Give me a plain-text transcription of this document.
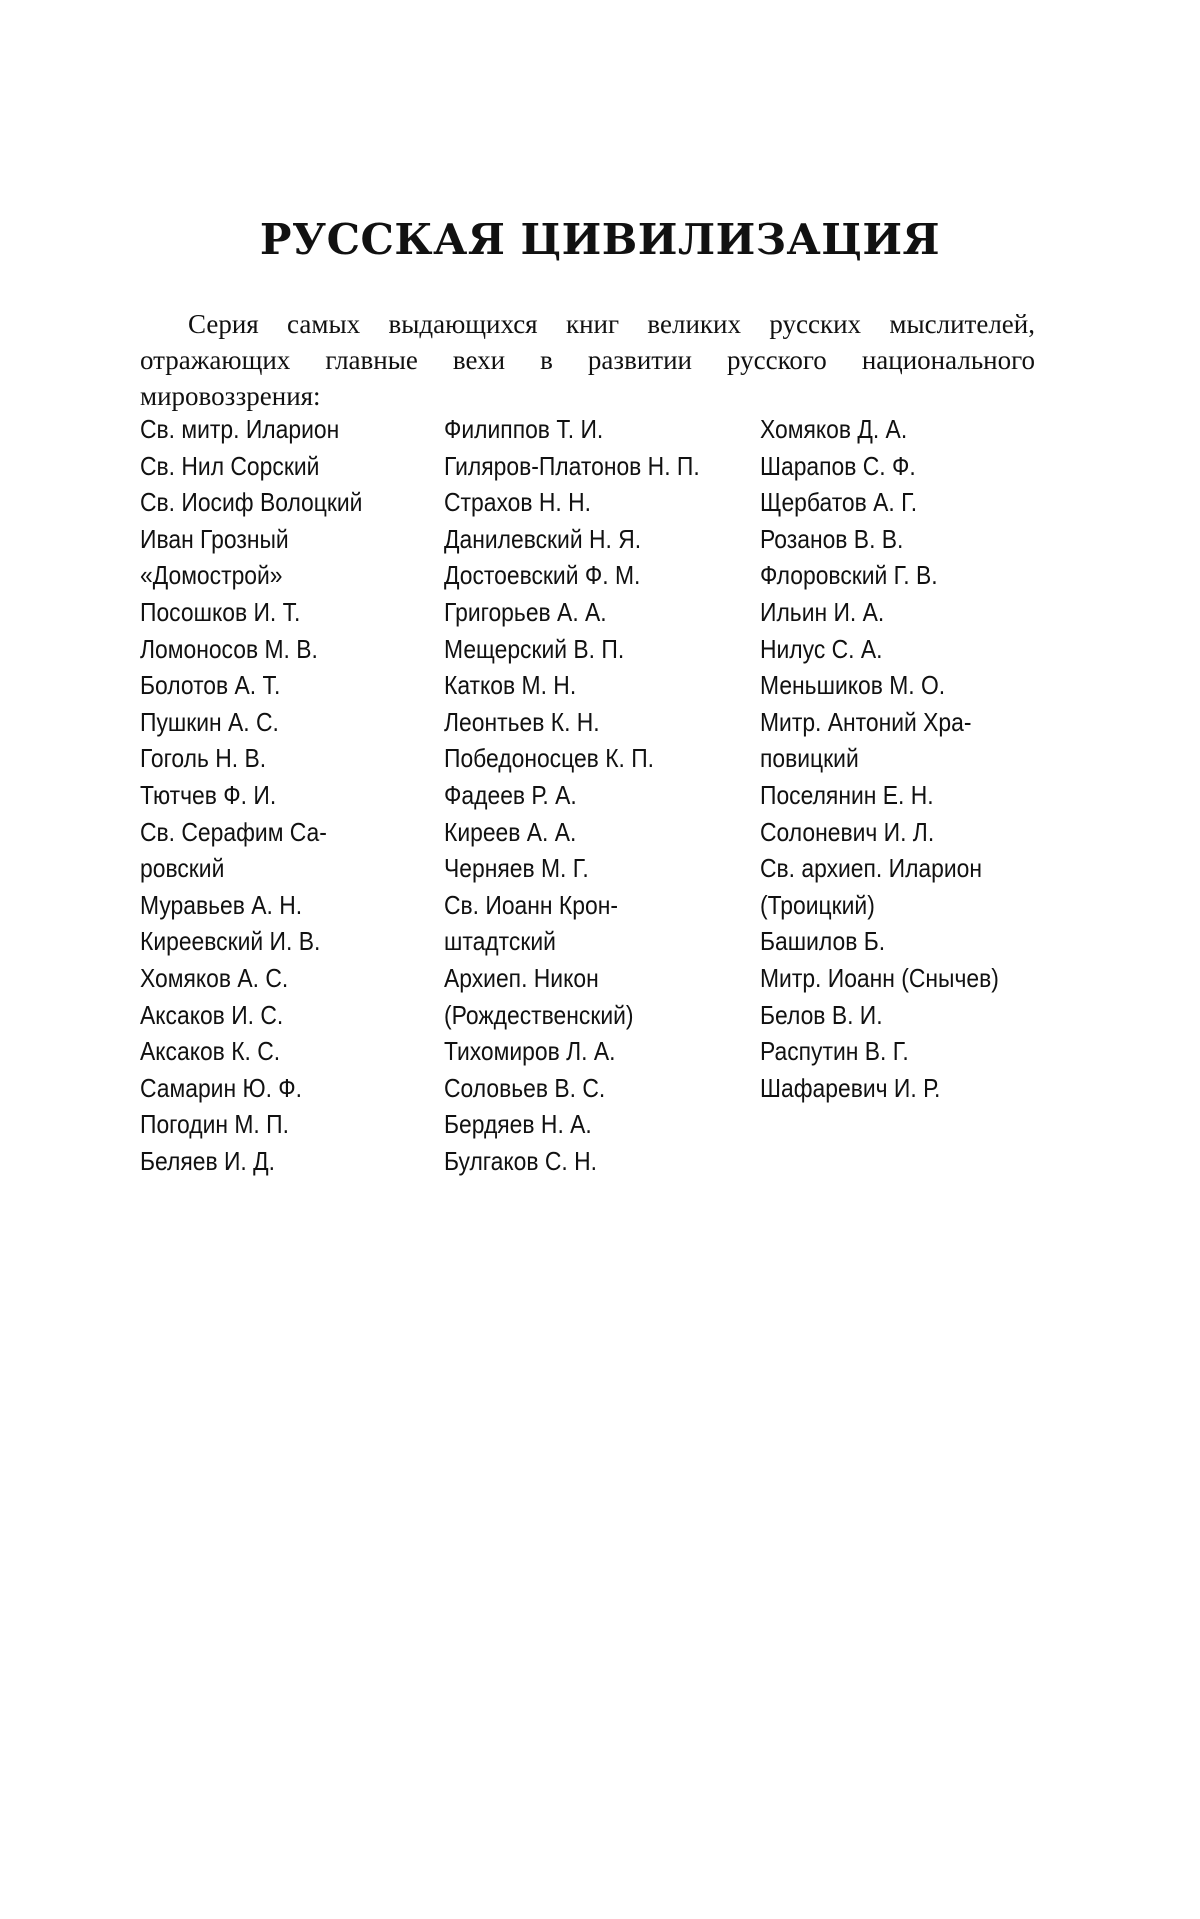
РУССКАЯ ЦИВИЛИЗАЦИЯ

Серия самых выдающихся книг великих русских мыслителей, отражающих главные вехи в развитии русского национального мировоззрения:

Св. митр. Иларион
Св. Нил Сорский
Св. Иосиф Волоцкий
Иван Грозный
«Домострой»
Посошков И. Т.
Ломоносов М. В.
Болотов А. Т.
Пушкин А. С.
Гоголь Н. В.
Тютчев Ф. И.
Св. Серафим Са-
ровский
Муравьев А. Н.
Киреевский И. В.
Хомяков А. С.
Аксаков И. С.
Аксаков К. С.
Самарин Ю. Ф.
Погодин М. П.
Беляев И. Д.
Филиппов Т. И.
Гиляров-Платонов Н. П.
Страхов Н. Н.
Данилевский Н. Я.
Достоевский Ф. М.
Григорьев А. А.
Мещерский В. П.
Катков М. Н.
Леонтьев К. Н.
Победоносцев К. П.
Фадеев Р. А.
Киреев А. А.
Черняев М. Г.
Св. Иоанн Крон-
штадтский
Архиеп. Никон
(Рождественский)
Тихомиров Л. А.
Соловьев В. С.
Бердяев Н. А.
Булгаков С. Н.
Хомяков Д. А.
Шарапов С. Ф.
Щербатов А. Г.
Розанов В. В.
Флоровский Г. В.
Ильин И. А.
Нилус С. А.
Меньшиков М. О.
Митр. Антоний Хра-
повицкий
Поселянин Е. Н.
Солоневич И. Л.
Св. архиеп. Иларион
(Троицкий)
Башилов Б.
Митр. Иоанн (Снычев)
Белов В. И.
Распутин В. Г.
Шафаревич И. Р.
